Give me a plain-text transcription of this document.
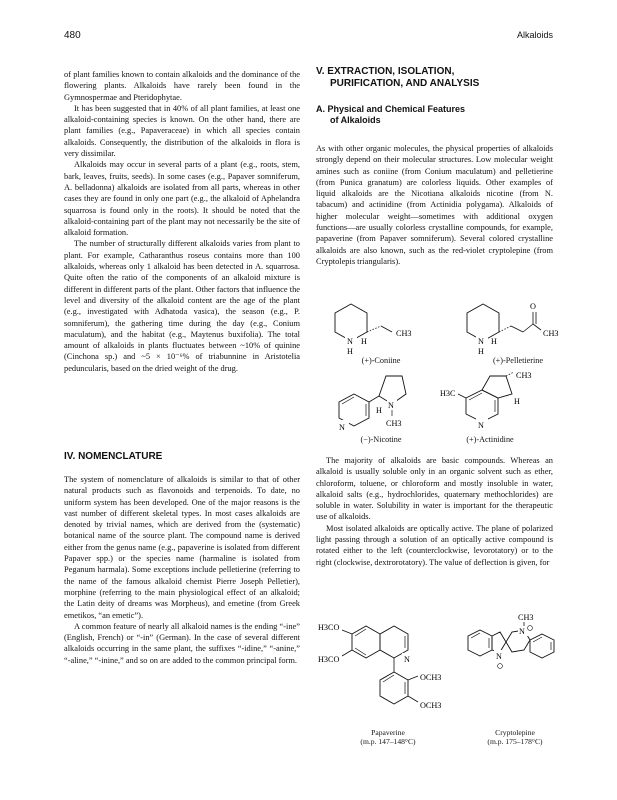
480	Alkaloids

of plant families known to contain alkaloids and the dominance of the flowering plants. Alkaloids have rarely been found in the Gymnospermae and Pteridophytae.

It has been suggested that in 40% of all plant families, at least one alkaloid-containing species is known. On the other hand, there are plant families (e.g., Papaveraceae) in which all species contain alkaloids. Consequently, the distribution of the alkaloids in flora is very dissimilar.

Alkaloids may occur in several parts of a plant (e.g., roots, stem, bark, leaves, fruits, seeds). In some cases (e.g., Papaver somniferum, A. belladonna) alkaloids are isolated from all parts, whereas in other cases they are found in only one part (e.g., the alkaloid of Aphelandra squarrosa is found only in the roots). It should be noted that the alkaloid-containing part of the plant may not necessarily be the site of alkaloid formation.

The number of structurally different alkaloids varies from plant to plant. For example, Catharanthus roseus contains more than 100 alkaloids, whereas only 1 alkaloid has been detected in A. squarrosa. Quite often the ratio of the components of an alkaloid mixture is different in different parts of the plant. Other factors that influence the level and diversity of the alkaloid content are the age of the plant (e.g., investigated with Adhatoda vasica), the season (e.g., P. somniferum), the gathering time during the day (e.g., Conium maculatum), and the habitat (e.g., Maytenus buxifolia). The total amount of alkaloids in plants fluctuates between ~10% of quinine (Cinchona sp.) and ~5 × 10⁻⁶% of triabunnine in Aristotelia peduncularis, based on the dried weight of the drug.

IV. NOMENCLATURE

The system of nomenclature of alkaloids is similar to that of other natural products such as flavonoids and terpenoids. To date, no uniform system has been developed. One of the major reasons is the vast number of different skeletal types. In most cases alkaloids are denoted by trivial names, which are derived from the (systematic) botanical name of the source plant. The compound name is derived either from the genus name (e.g., papaverine is isolated from different Papaver spp.) or the species name (harmaline is isolated from Peganum harmala). Some exceptions include pelletierine (referring to the name of the famous alkaloid chemist Pierre Joseph Pelletier), morphine (referring to the main physiological effect of an alkaloid; the Latin deity of dreams was Morpheus), and emetine (from Greek emetikos, “an emetic”).

A common feature of nearly all alkaloid names is the ending “-ine” (English, French) or “-in” (German). In the case of several different alkaloids occurring in the same plant, the suffixes “-idine,” “-anine,” “-aline,” “-inine,” and so on are added to the common principal form.

V. EXTRACTION, ISOLATION,
PURIFICATION, AND ANALYSIS
A. Physical and Chemical Features
of Alkaloids

As with other organic molecules, the physical properties of alkaloids strongly depend on their molecular structures. Low molecular weight amines such as coniine (from Conium maculatum) and pelletierine (from Punica granatum) are colorless liquids. Other examples of liquid alkaloids are the Nicotiana alkaloids nicotine (from N. tabacum) and actinidine (from Actinidia polygama). Alkaloids of higher molecular weight—sometimes with additional oxygen functions—are usually colorless crystalline compounds, for example, papaverine (from Papaver somniferum). Several colored crystalline alkaloids are also known, such as the red-violet cryptolepine (from Cryptolepis triangularis).

N H
H
CH3
(+)-Coniine
O
N H
H
CH3
(+)-Pelletierine
N
N
H
CH3
(−)-Nicotine
H3C
CH3
H
N
(+)-Actinidine

The majority of alkaloids are basic compounds. Whereas an alkaloid is usually soluble only in an organic solvent such as ether, chloroform, toluene, or chloroform and mostly insoluble in water, alkaloid salts (e.g., hydrochlorides, quaternary methochlorides) are soluble in water. Solubility in water is important for the therapeutic use of alkaloids.

Most isolated alkaloids are optically active. The plane of polarized light passing through a solution of an optically active compound is rotated either to the left (counterclockwise, levorotatory) or to the right (clockwise, dextrorotatory). The value of deflection is given, for

H3CO
H3CO	N
OCH3
OCH3
Papaverine
(m.p. 147–148°C)
CH3
N
N
Cryptolepine
(m.p. 175–178°C)
